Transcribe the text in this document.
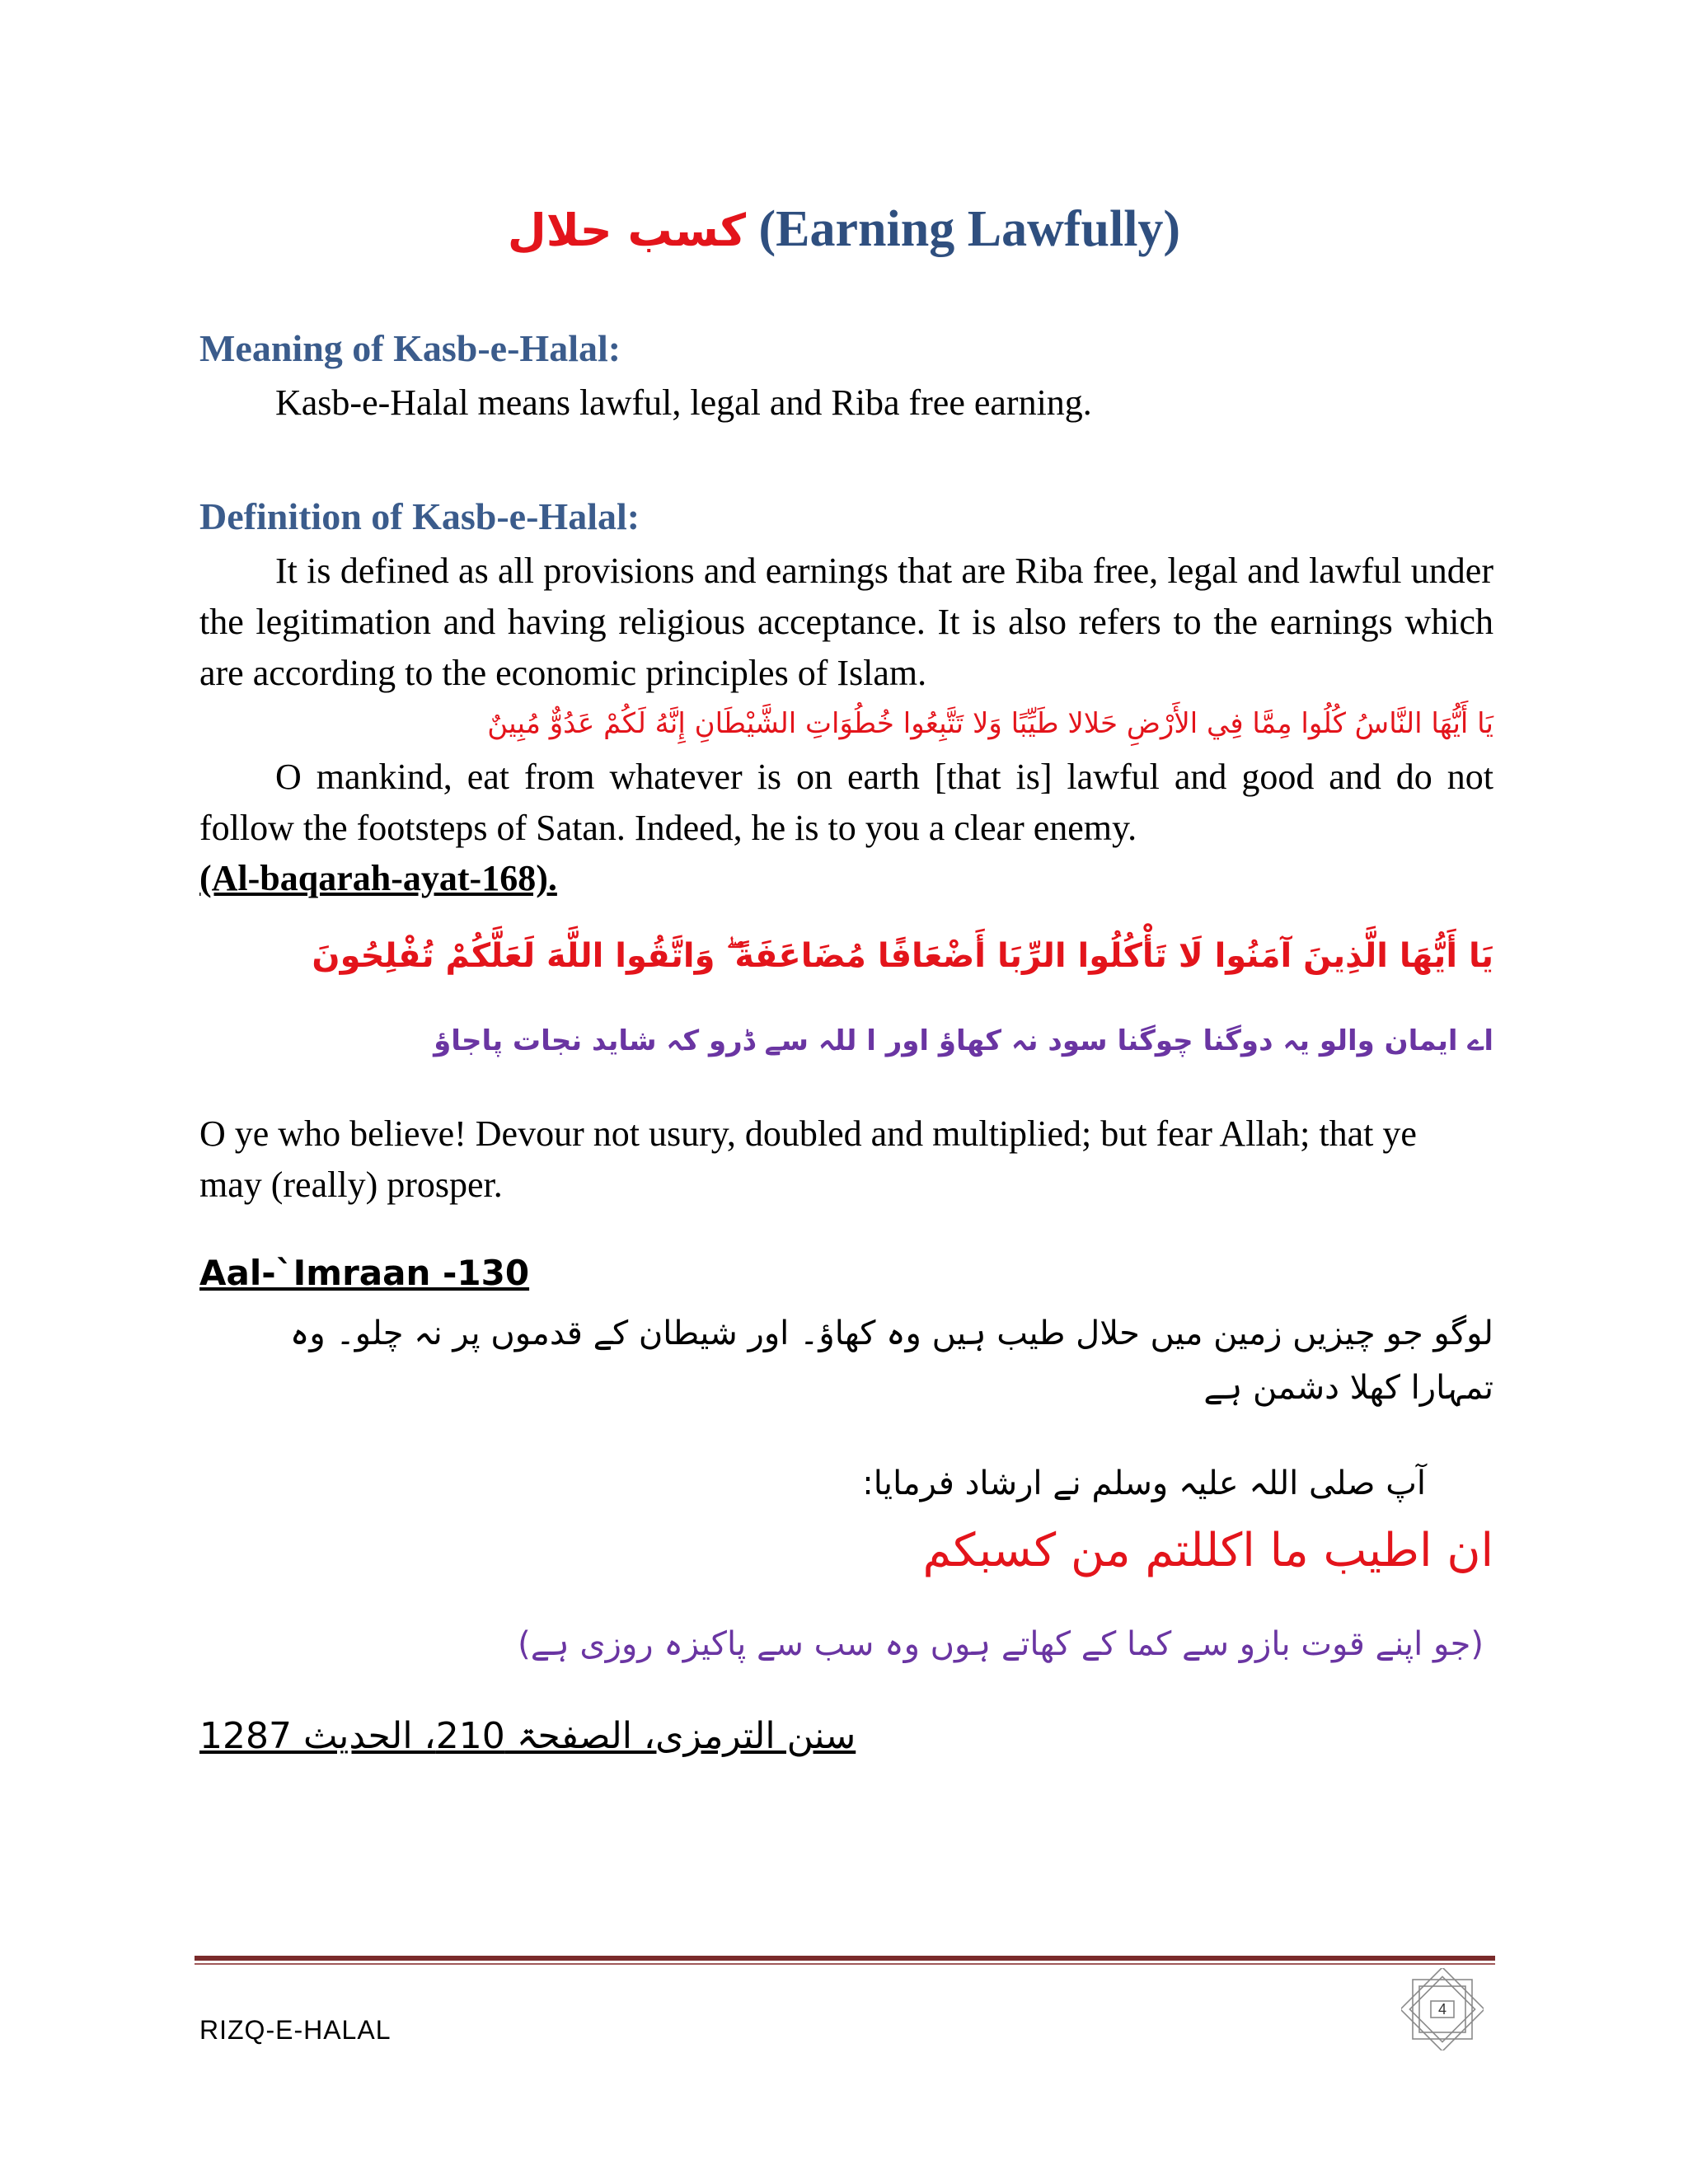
كسب حلال (Earning Lawfully)
Meaning of Kasb-e-Halal:
Kasb-e-Halal means lawful, legal and Riba free earning.
Definition of Kasb-e-Halal:
It is defined as all provisions and earnings that are Riba free, legal and lawful under the legitimation and having religious acceptance. It is also refers to the earnings which are according to the economic principles of Islam.
يَا أَيُّهَا النَّاسُ كُلُوا مِمَّا فِي الأَرْضِ حَلالا طَيِّبًا وَلا تَتَّبِعُوا خُطُوَاتِ الشَّيْطَانِ إِنَّهُ لَكُمْ عَدُوٌّ مُبِينٌ
O mankind, eat from whatever is on earth [that is] lawful and good and do not follow the footsteps of Satan. Indeed, he is to you a clear enemy.
(Al-baqarah-ayat-168).
يَا أَيُّهَا الَّذِينَ آمَنُوا لَا تَأْكُلُوا الرِّبَا أَضْعَافًا مُضَاعَفَةً ۖ وَاتَّقُوا اللَّهَ لَعَلَّكُمْ تُفْلِحُونَ
اے ایمان والو یہ دوگنا چوگنا سود نہ کھاؤ اور ا للہ سے ڈرو کہ شاید نجات پاجاؤ
O ye who believe! Devour not usury, doubled and multiplied; but fear Allah; that ye may (really) prosper.
Aal-`Imraan -130
لوگو جو چیزیں زمین میں حلال طیب ہیں وہ کھاؤ۔ اور شیطان کے قدموں پر نہ چلو۔ وہ تمہارا کھلا دشمن ہے
آپ صلی اللہ علیہ وسلم نے ارشاد فرمایا:
ان اطيب ما اكللتم من كسبكم
(جو اپنے قوت بازو سے کما کے کھاتے ہوں وہ سب سے پاکیزہ روزی ہے)
سنن الترمزی، الصفحۃ 210، الحدیث 1287
RIZQ-E-HALAL
4
